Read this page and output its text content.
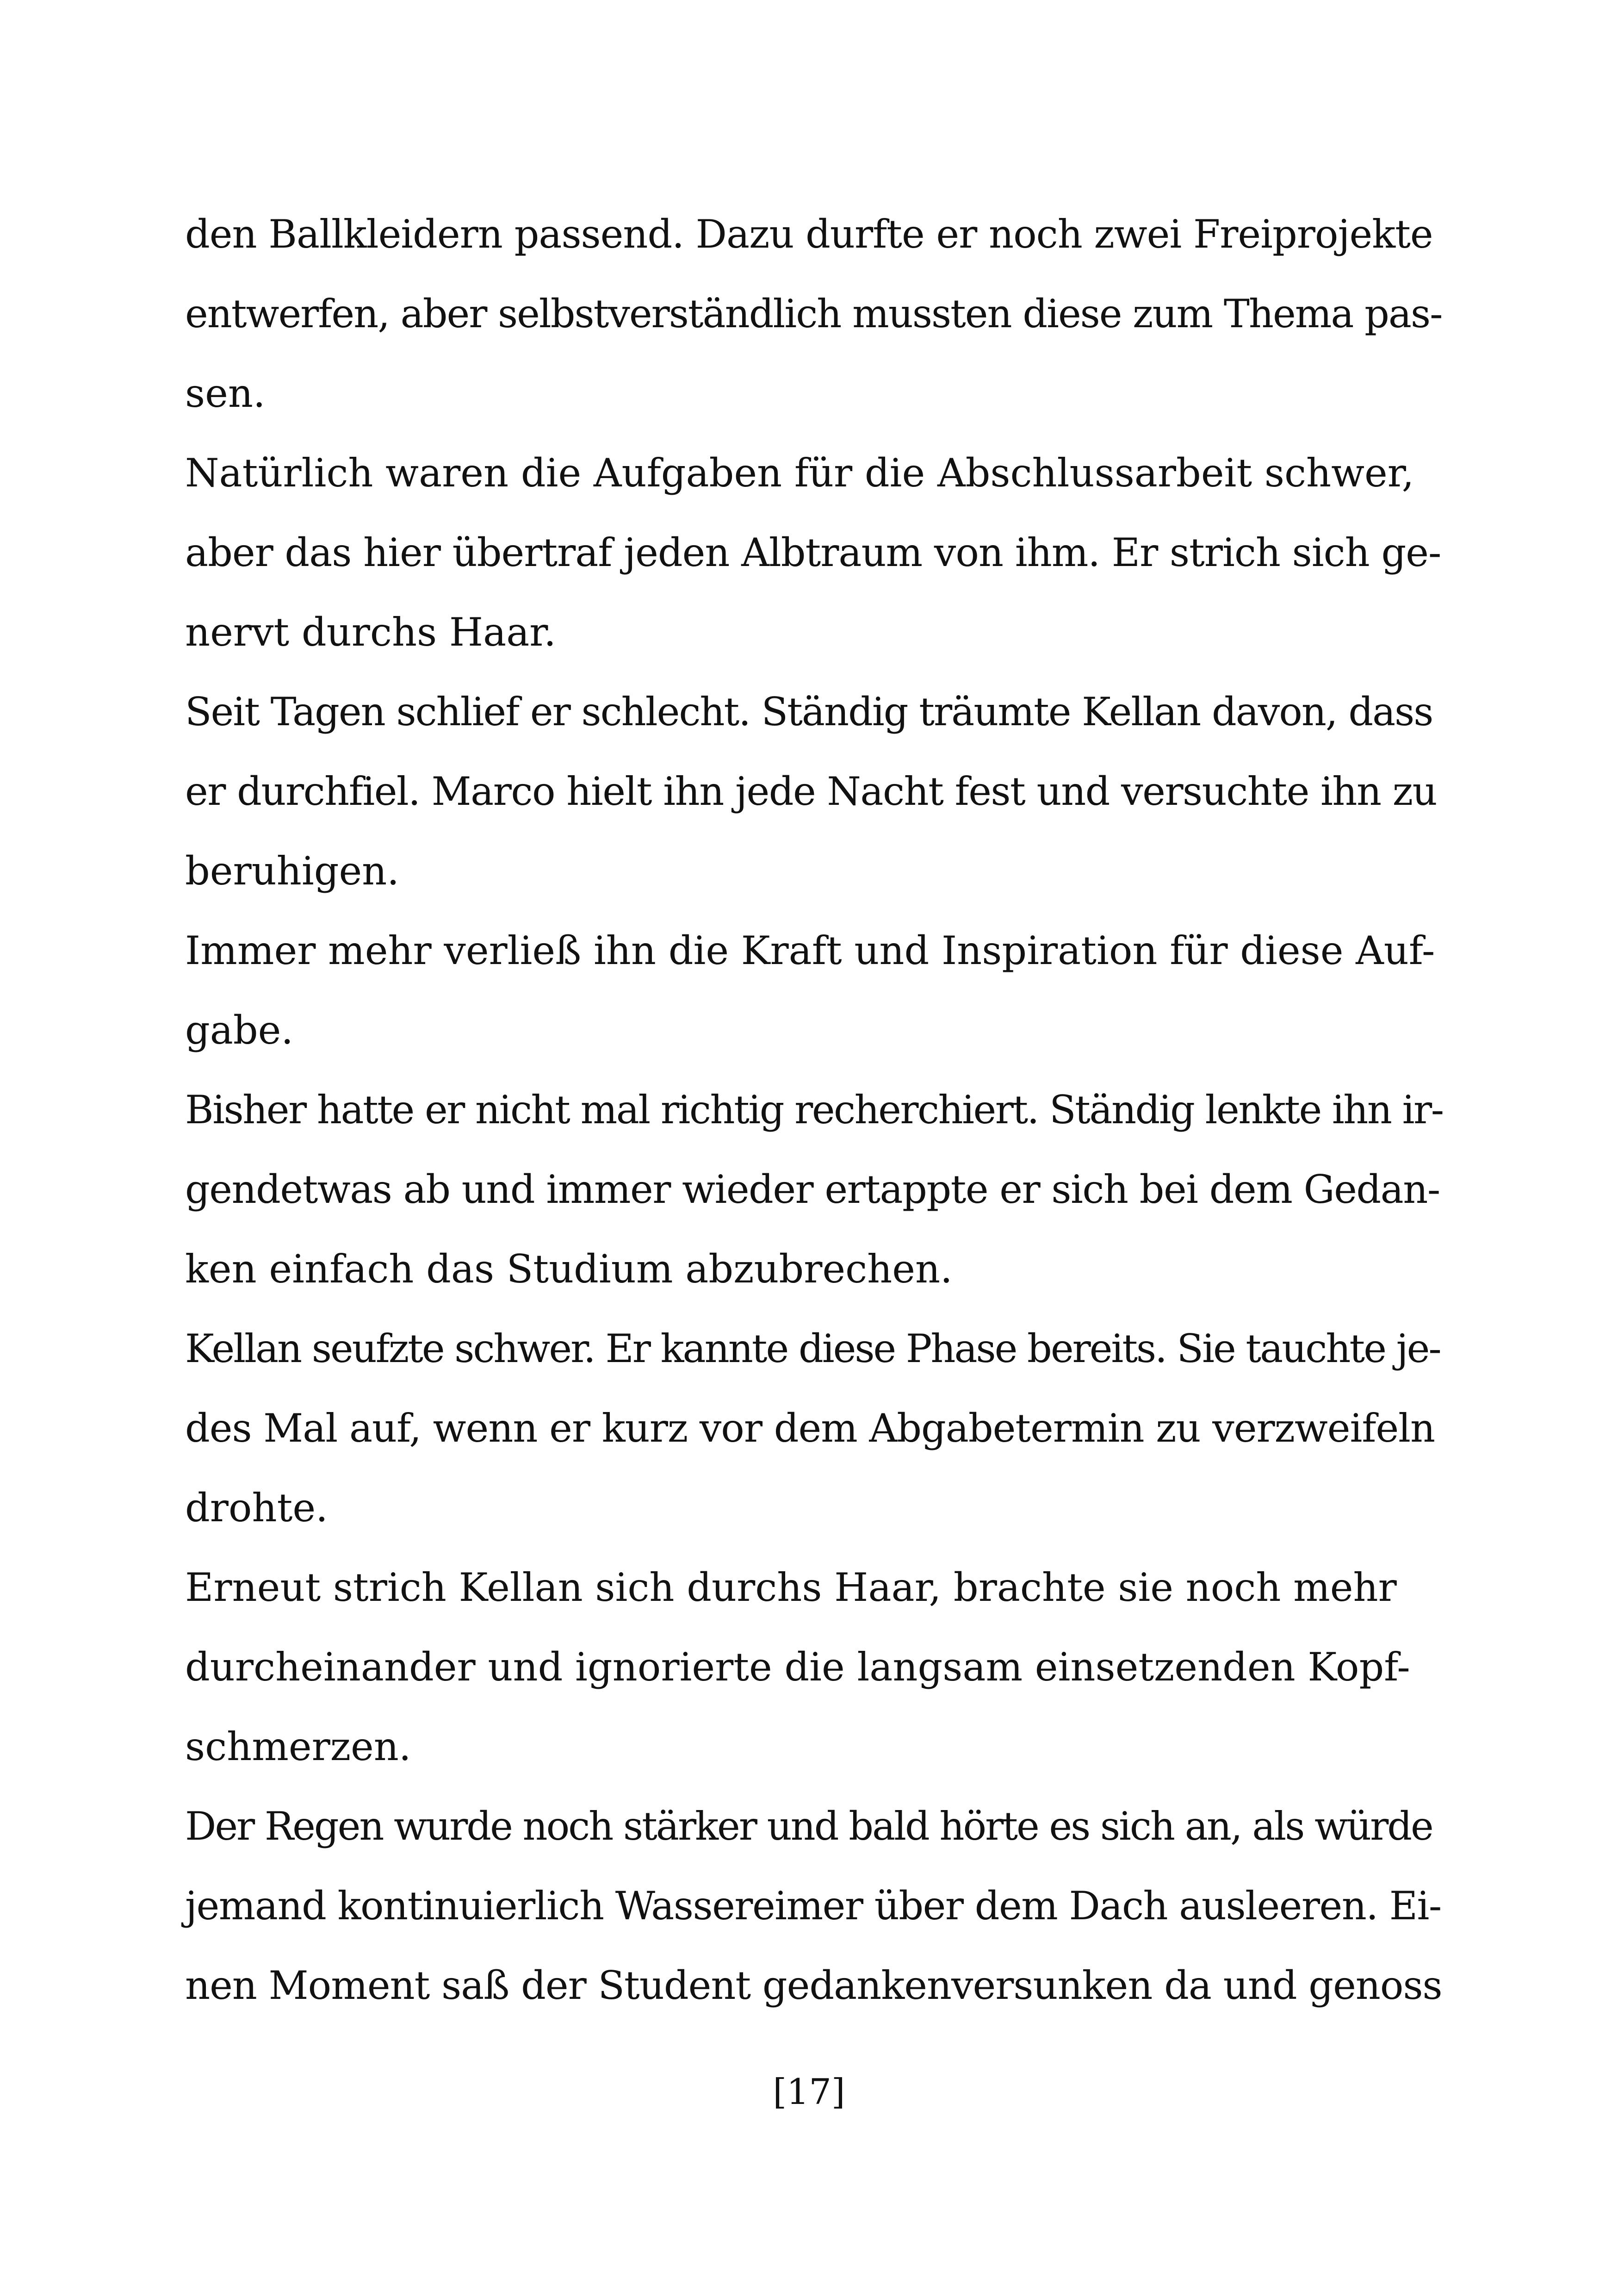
den Ballkleidern passend. Dazu durfte er noch zwei Freiprojekte
entwerfen, aber selbstverständlich mussten diese zum Thema pas-
sen.
Natürlich waren die Aufgaben für die Abschlussarbeit schwer,
aber das hier übertraf jeden Albtraum von ihm. Er strich sich ge-
nervt durchs Haar.
Seit Tagen schlief er schlecht. Ständig träumte Kellan davon, dass
er durchfiel. Marco hielt ihn jede Nacht fest und versuchte ihn zu
beruhigen.
Immer mehr verließ ihn die Kraft und Inspiration für diese Auf-
gabe.
Bisher hatte er nicht mal richtig recherchiert. Ständig lenkte ihn ir-
gendetwas ab und immer wieder ertappte er sich bei dem Gedan-
ken einfach das Studium abzubrechen.
Kellan seufzte schwer. Er kannte diese Phase bereits. Sie tauchte je-
des Mal auf, wenn er kurz vor dem Abgabetermin zu verzweifeln
drohte.
Erneut strich Kellan sich durchs Haar, brachte sie noch mehr
durcheinander und ignorierte die langsam einsetzenden Kopf-
schmerzen.
Der Regen wurde noch stärker und bald hörte es sich an, als würde
jemand kontinuierlich Wassereimer über dem Dach ausleeren. Ei-
nen Moment saß der Student gedankenversunken da und genoss
[17]
